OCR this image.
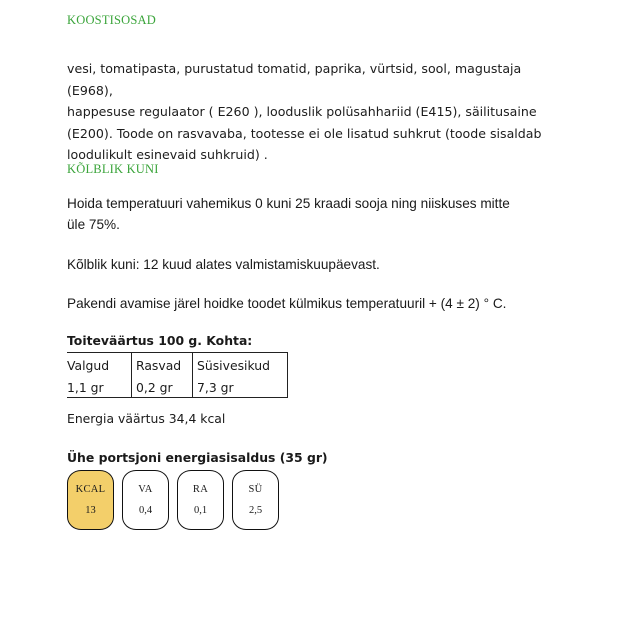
KOOSTISOSAD
vesi, tomatipasta, purustatud tomatid, paprika, vürtsid, sool, magustaja (E968),
happesuse regulaator ( E260 ), looduslik polüsahhariid (E415), säilitusaine
(E200). Toode on rasvavaba, tootesse ei ole lisatud suhkrut (toode sisaldab
loodulikult esinevaid suhkruid) .
KÕLBLIK KUNI
Hoida temperatuuri vahemikus 0 kuni 25 kraadi sooja ning niiskuses mitte
üle 75%.
Kõlblik kuni: 12 kuud alates valmistamiskuupäevast.
Pakendi avamise järel hoidke toodet külmikus temperatuuril + (4 ± 2) ° C.
Toiteväärtus 100 g. Kohta:
Valgud	Rasvad	Süsivesikud
1,1 gr	0,2 gr	7,3 gr
Energia väärtus 34,4 kcal
Ühe portsjoni energiasisaldus (35 gr)
KCAL
13
VA
0,4
RA
0,1
SÜ
2,5
